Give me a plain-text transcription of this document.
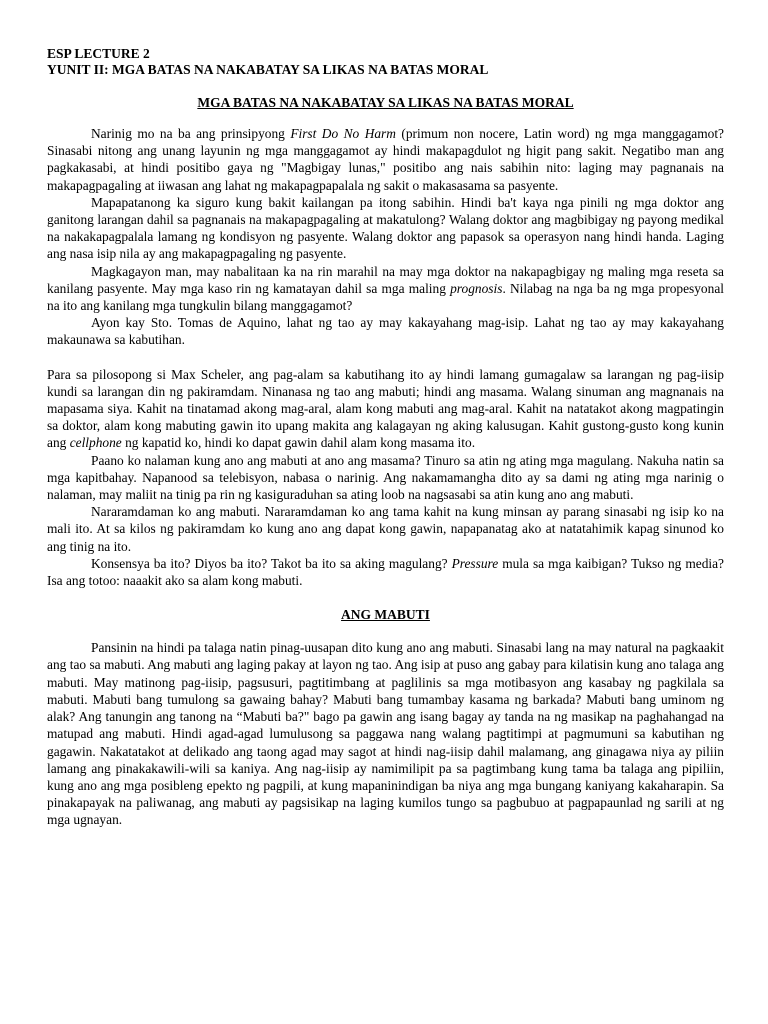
ESP LECTURE 2

YUNIT II: MGA BATAS NA NAKABATAY SA LIKAS NA BATAS MORAL

MGA BATAS NA NAKABATAY SA LIKAS NA BATAS MORAL

Narinig mo na ba ang prinsipyong First Do No Harm (primum non nocere, Latin word) ng mga manggagamot? Sinasabi nitong ang unang layunin ng mga manggagamot ay hindi makapagdulot ng higit pang sakit. Negatibo man ang pagkakasabi, at hindi positibo gaya ng "Magbigay lunas," positibo ang nais sabihin nito: laging may pagnanais na makapagpagaling at iiwasan ang lahat ng makapagpapalala ng sakit o makasasama sa pasyente.

Mapapatanong ka siguro kung bakit kailangan pa itong sabihin. Hindi ba't kaya nga pinili ng mga doktor ang ganitong larangan dahil sa pagnanais na makapagpagaling at makatulong? Walang doktor ang magbibigay ng payong medikal na nakakapagpalala lamang ng kondisyon ng pasyente. Walang doktor ang papasok sa operasyon nang hindi handa. Laging ang nasa isip nila ay ang makapagpagaling ng pasyente.

Magkagayon man, may nabalitaan ka na rin marahil na may mga doktor na nakapagbigay ng maling mga reseta sa kanilang pasyente. May mga kaso rin ng kamatayan dahil sa mga maling prognosis. Nilabag na nga ba ng mga propesyonal na ito ang kanilang mga tungkulin bilang manggagamot?

Ayon kay Sto. Tomas de Aquino, lahat ng tao ay may kakayahang mag-isip. Lahat ng tao ay may kakayahang makaunawa sa kabutihan.

Para sa pilosopong si Max Scheler, ang pag-alam sa kabutihang ito ay hindi lamang gumagalaw sa larangan ng pag-iisip kundi sa larangan din ng pakiramdam. Ninanasa ng tao ang mabuti; hindi ang masama. Walang sinuman ang magnanais na mapasama siya. Kahit na tinatamad akong mag-aral, alam kong mabuti ang mag-aral. Kahit na natatakot akong magpatingin sa doktor, alam kong mabuting gawin ito upang makita ang kalagayan ng aking kalusugan. Kahit gustong-gusto kong kunin ang cellphone ng kapatid ko, hindi ko dapat gawin dahil alam kong masama ito.

Paano ko nalaman kung ano ang mabuti at ano ang masama? Tinuro sa atin ng ating mga magulang. Nakuha natin sa mga kapitbahay. Napanood sa telebisyon, nabasa o narinig. Ang nakamamangha dito ay sa dami ng ating mga narinig o nalaman, may maliit na tinig pa rin ng kasiguraduhan sa ating loob na nagsasabi sa atin kung ano ang mabuti.

Nararamdaman ko ang mabuti. Nararamdaman ko ang tama kahit na kung minsan ay parang sinasabi ng isip ko na mali ito. At sa kilos ng pakiramdam ko kung ano ang dapat kong gawin, napapanatag ako at natatahimik kapag sinunod ko ang tinig na ito.

Konsensya ba ito? Diyos ba ito? Takot ba ito sa aking magulang? Pressure mula sa mga kaibigan? Tukso ng media? Isa ang totoo: naaakit ako sa alam kong mabuti.

ANG MABUTI

Pansinin na hindi pa talaga natin pinag-uusapan dito kung ano ang mabuti. Sinasabi lang na may natural na pagkaakit ang tao sa mabuti. Ang mabuti ang laging pakay at layon ng tao. Ang isip at puso ang gabay para kilatisin kung ano talaga ang mabuti. May matinong pag-iisip, pagsusuri, pagtitimbang at paglilinis sa mga motibasyon ang kasabay ng pagkilala sa mabuti. Mabuti bang tumulong sa gawaing bahay? Mabuti bang tumambay kasama ng barkada? Mabuti bang uminom ng alak? Ang tanungin ang tanong na “Mabuti ba?" bago pa gawin ang isang bagay ay tanda na ng masikap na paghahangad na matupad ang mabuti. Hindi agad-agad lumulusong sa paggawa nang walang pagtitimpi at pagmumuni sa kabutihan ng gagawin. Nakatatakot at delikado ang taong agad may sagot at hindi nag-iisip dahil malamang, ang ginagawa niya ay piliin lamang ang pinakakawili-wili sa kaniya. Ang nag-iisip ay namimilipit pa sa pagtimbang kung tama ba talaga ang pipiliin, kung ano ang mga posibleng epekto ng pagpili, at kung mapaninindigan ba niya ang mga bungang kaniyang kakaharapin. Sa pinakapayak na paliwanag, ang mabuti ay pagsisikap na laging kumilos tungo sa pagbubuo at pagpapaunlad ng sarili at ng mga ugnayan.
